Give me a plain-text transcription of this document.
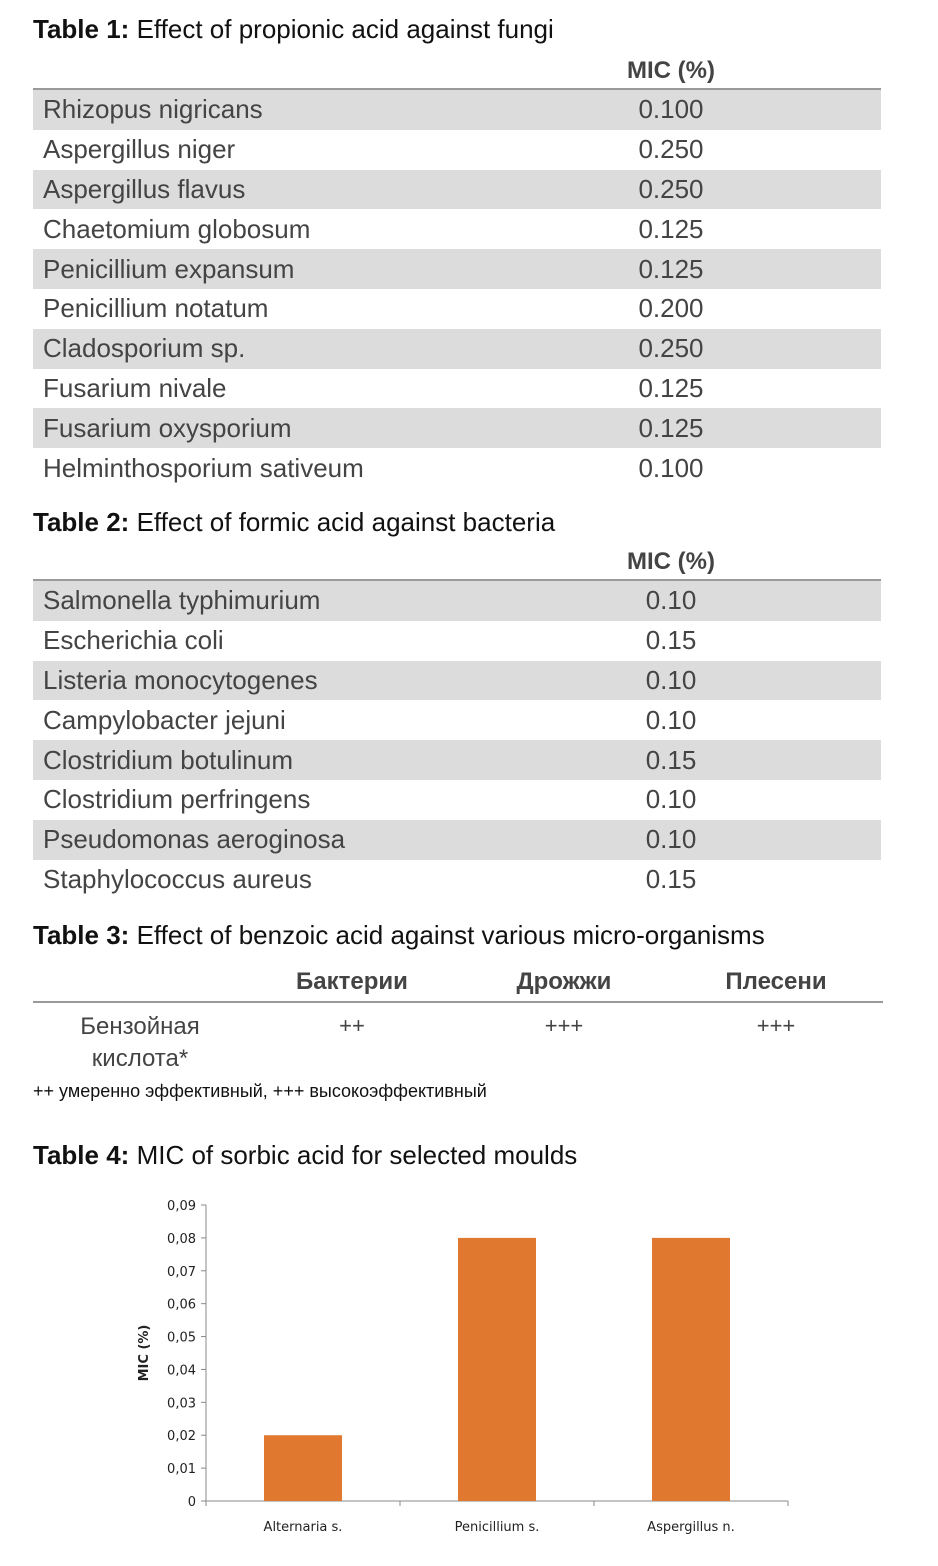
Table 1: Effect of propionic acid against fungi
MIC (%)
Rhizopus nigricans	0.100
Aspergillus niger	0.250
Aspergillus flavus	0.250
Chaetomium globosum	0.125
Penicillium expansum	0.125
Penicillium notatum	0.200
Cladosporium sp.	0.250
Fusarium nivale	0.125
Fusarium oxysporium	0.125
Helminthosporium sativeum	0.100
Table 2: Effect of formic acid against bacteria
MIC (%)
Salmonella typhimurium	0.10
Escherichia coli	0.15
Listeria monocytogenes	0.10
Campylobacter jejuni	0.10
Clostridium botulinum	0.15
Clostridium perfringens	0.10
Pseudomonas aeroginosa	0.10
Staphylococcus aureus	0.15
Table 3: Effect of benzoic acid against various micro-organisms
Бактерии	Дрожжи	Плесени
Бензойная
кислота*
++	+++	+++
++ умеренно эффективный, +++ высокоэффективный
Table 4: MIC of sorbic acid for selected moulds
0
0,01
0,02
0,03
0,04
0,05
0,06
0,07
0,08
0,09
Alternaria s.	Penicillium s.	Aspergillus n.
MIC (%)
